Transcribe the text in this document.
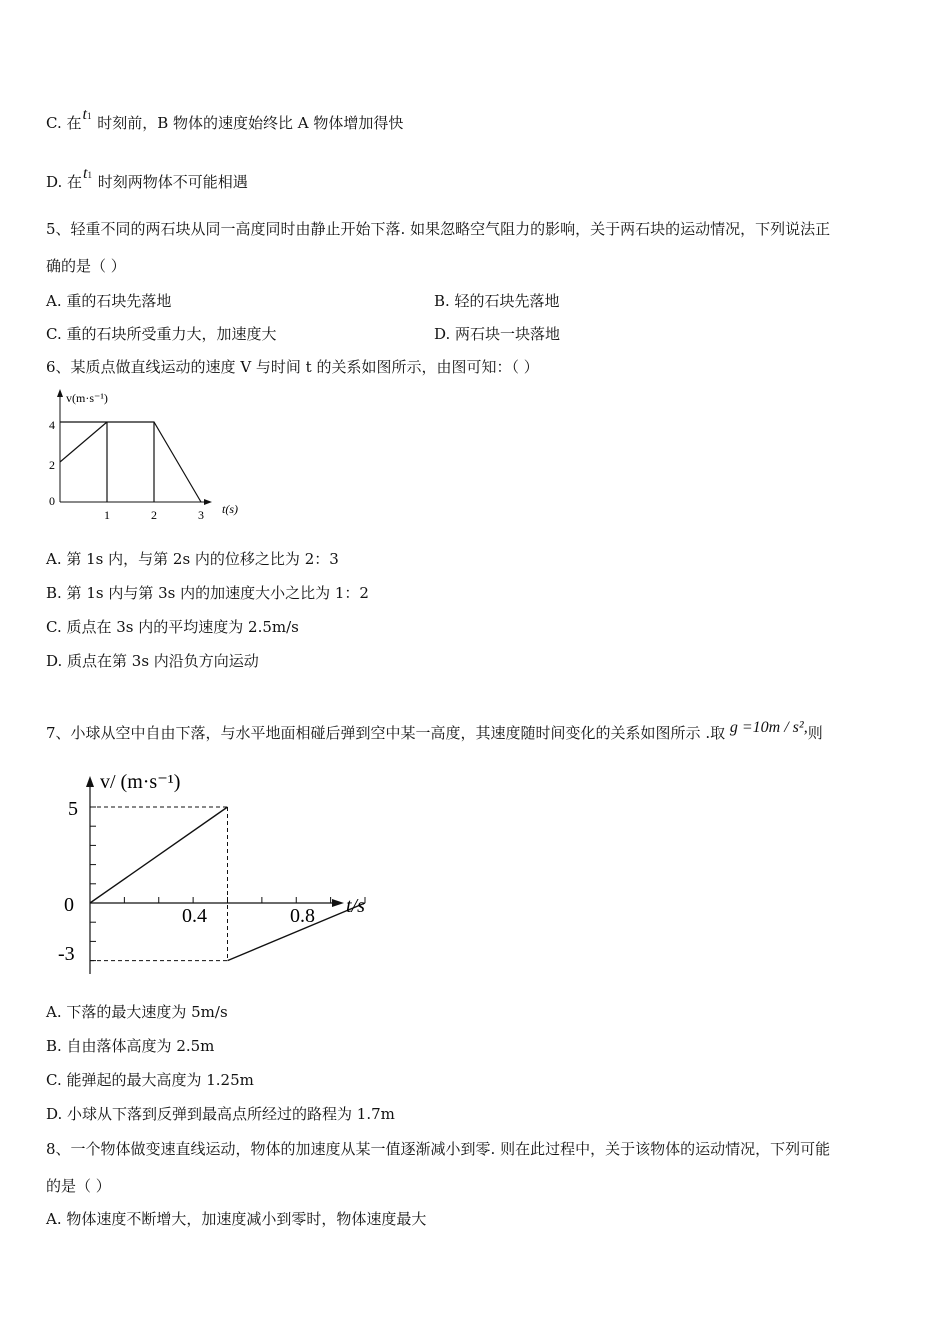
C. 在t1 时刻前，B 物体的速度始终比 A 物体增加得快
D. 在t1 时刻两物体不可能相遇
5、轻重不同的两石块从同一高度同时由静止开始下落. 如果忽略空气阻力的影响，关于两石块的运动情况，下列说法正
确的是（ ）
A. 重的石块先落地	B. 轻的石块先落地
C. 重的石块所受重力大，加速度大	D. 两石块一块落地
6、某质点做直线运动的速度 V 与时间 t 的关系如图所示，由图可知：（ ）
v(m·s⁻¹)
4
2
0
1	2	3 t(s)
A. 第 1s 内，与第 2s 内的位移之比为 2：3
B. 第 1s 内与第 3s 内的加速度大小之比为 1：2
C. 质点在 3s 内的平均速度为 2.5m/s
D. 质点在第 3s 内沿负方向运动
7、小球从空中自由下落，与水平地面相碰后弹到空中某一高度，其速度随时间变化的关系如图所示 .取 g =10m / s²,则
v/ (m·s⁻¹)
5
0
-3
0.4	0.8 t/s
A. 下落的最大速度为 5m/s
B. 自由落体高度为 2.5m
C. 能弹起的最大高度为 1.25m
D. 小球从下落到反弹到最高点所经过的路程为 1.7m
8、一个物体做变速直线运动，物体的加速度从某一值逐渐减小到零. 则在此过程中，关于该物体的运动情况，下列可能
的是（ ）
A. 物体速度不断增大，加速度减小到零时，物体速度最大
